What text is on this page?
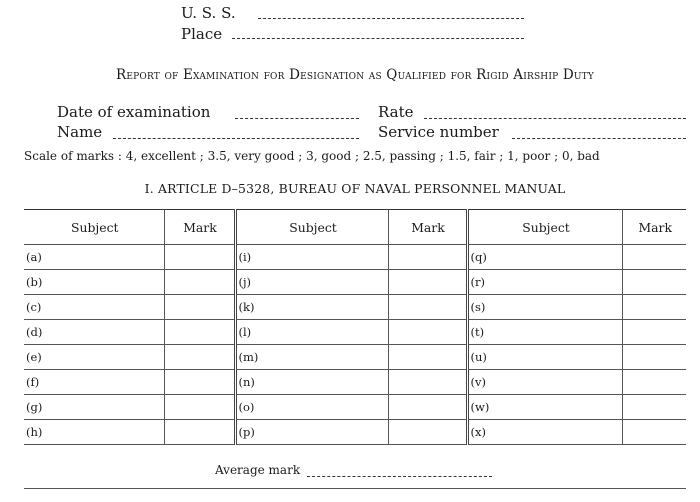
U. S. S.
Place
Report of Examination for Designation as Qualified for Rigid Airship Duty
Date of examination	Rate
Name	Service number
Scale of marks : 4, excellent ; 3.5, very good ; 3, good ; 2.5, passing ; 1.5, fair ; 1, poor ; 0, bad
I. ARTICLE D–5328, BUREAU OF NAVAL PERSONNEL MANUAL
Subject	Mark	Subject	Mark	Subject	Mark
(a)		(i)		(q)	
(b)		(j)		(r)	
(c)		(k)		(s)	
(d)		(l)		(t)	
(e)		(m)		(u)	
(f)		(n)		(v)	
(g)		(o)		(w)	
(h)		(p)		(x)	
Average mark
